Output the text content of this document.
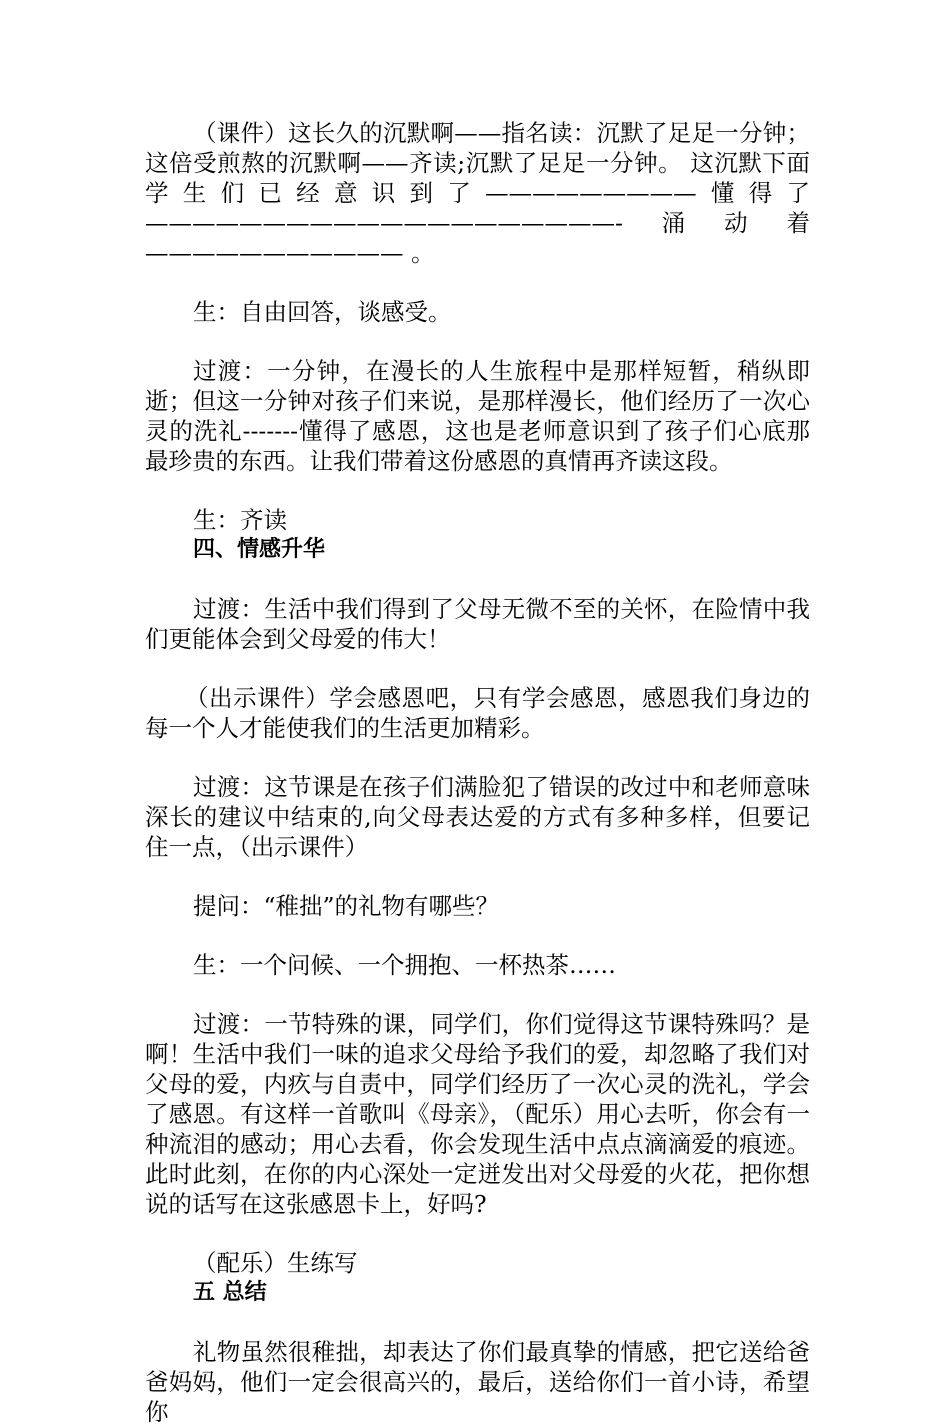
（课件）这长久的沉默啊——指名读：沉默了足足一分钟；这倍受煎熬的沉默啊——齐读;沉默了足足一分钟。 这沉默下面学生们已经意识到了—————————懂得了————————————————————-涌动着——————————— 。

生：自由回答，谈感受。

过渡：一分钟，在漫长的人生旅程中是那样短暂，稍纵即逝；但这一分钟对孩子们来说，是那样漫长，他们经历了一次心灵的洗礼-------懂得了感恩，这也是老师意识到了孩子们心底那最珍贵的东西。让我们带着这份感恩的真情再齐读这段。

生：齐读

四、情感升华

过渡：生活中我们得到了父母无微不至的关怀，在险情中我们更能体会到父母爱的伟大！

（出示课件）学会感恩吧，只有学会感恩，感恩我们身边的每一个人才能使我们的生活更加精彩。

过渡：这节课是在孩子们满脸犯了错误的改过中和老师意味深长的建议中结束的,向父母表达爱的方式有多种多样，但要记住一点，（出示课件）

提问：“稚拙”的礼物有哪些？

生：一个问候、一个拥抱、一杯热茶……

过渡：一节特殊的课，同学们，你们觉得这节课特殊吗？是啊！生活中我们一味的追求父母给予我们的爱，却忽略了我们对父母的爱，内疚与自责中，同学们经历了一次心灵的洗礼，学会了感恩。有这样一首歌叫《母亲》，（配乐）用心去听，你会有一种流泪的感动；用心去看，你会发现生活中点点滴滴爱的痕迹。此时此刻，在你的内心深处一定迸发出对父母爱的火花，把你想说的话写在这张感恩卡上，好吗?

（配乐）生练写

五 总结

礼物虽然很稚拙，却表达了你们最真挚的情感，把它送给爸爸妈妈，他们一定会很高兴的，最后，送给你们一首小诗，希望你
